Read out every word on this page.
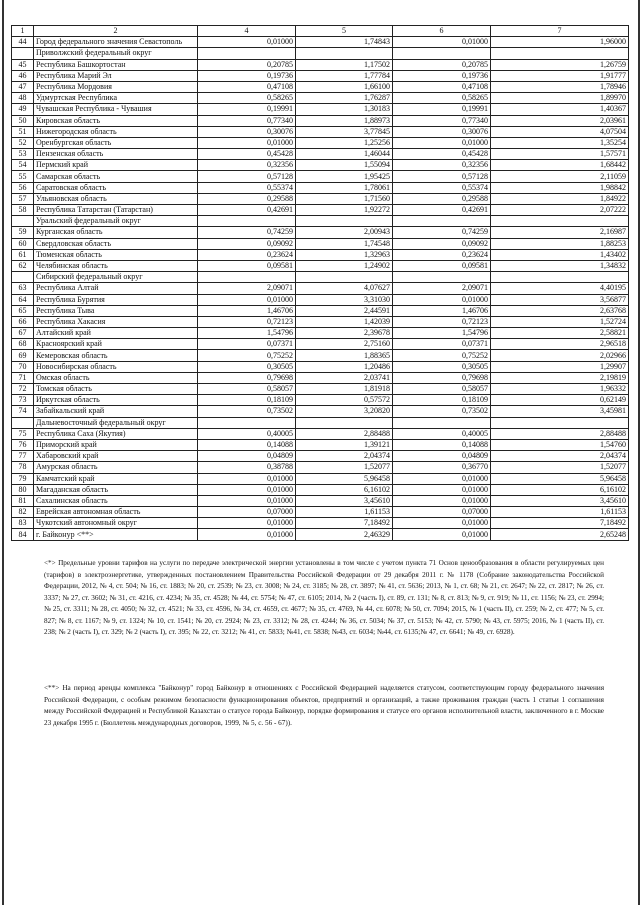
1	2	4	5	6	7
44	Город федерального значения Севастополь	0,01000	1,74843	0,01000	1,96000
	Приволжский федеральный округ				
45	Республика Башкортостан	0,20785	1,17502	0,20785	1,26759
46	Республика Марий Эл	0,19736	1,77784	0,19736	1,91777
47	Республика Мордовия	0,47108	1,66100	0,47108	1,78946
48	Удмуртская Республика	0,58265	1,76287	0,58265	1,89970
49	Чувашская Республика - Чувашия	0,19991	1,30183	0,19991	1,40367
50	Кировская область	0,77340	1,88973	0,77340	2,03961
51	Нижегородская область	0,30076	3,77845	0,30076	4,07504
52	Оренбургская область	0,01000	1,25256	0,01000	1,35254
53	Пензенская область	0,45428	1,46044	0,45428	1,57571
54	Пермский край	0,32356	1,55094	0,32356	1,68442
55	Самарская область	0,57128	1,95425	0,57128	2,11059
56	Саратовская область	0,55374	1,78061	0,55374	1,98842
57	Ульяновская область	0,29588	1,71560	0,29588	1,84922
58	Республика Татарстан (Татарстан)	0,42691	1,92272	0,42691	2,07222
	Уральский федеральный округ				
59	Курганская область	0,74259	2,00943	0,74259	2,16987
60	Свердловская область	0,09092	1,74548	0,09092	1,88253
61	Тюменская область	0,23624	1,32963	0,23624	1,43402
62	Челябинская область	0,09581	1,24902	0,09581	1,34832
	Сибирский федеральный округ				
63	Республика Алтай	2,09071	4,07627	2,09071	4,40195
64	Республика Бурятия	0,01000	3,31030	0,01000	3,56877
65	Республика Тыва	1,46706	2,44591	1,46706	2,63768
66	Республика Хакасия	0,72123	1,42039	0,72123	1,52724
67	Алтайский край	1,54796	2,39678	1,54796	2,58821
68	Красноярский край	0,07371	2,75160	0,07371	2,96518
69	Кемеровская область	0,75252	1,88365	0,75252	2,02966
70	Новосибирская область	0,30505	1,20486	0,30505	1,29907
71	Омская область	0,79698	2,03741	0,79698	2,19819
72	Томская область	0,58057	1,81918	0,58057	1,96332
73	Иркутская область	0,18109	0,57572	0,18109	0,62149
74	Забайкальский край	0,73502	3,20820	0,73502	3,45981
	Дальневосточный федеральный округ				
75	Республика Саха (Якутия)	0,40005	2,88488	0,40005	2,88488
76	Приморский край	0,14088	1,39121	0,14088	1,54760
77	Хабаровский край	0,04809	2,04374	0,04809	2,04374
78	Амурская область	0,38788	1,52077	0,36770	1,52077
79	Камчатский край	0,01000	5,96458	0,01000	5,96458
80	Магаданская область	0,01000	6,16102	0,01000	6,16102
81	Сахалинская область	0,01000	3,45610	0,01000	3,45610
82	Еврейская автономная область	0,07000	1,61153	0,07000	1,61153
83	Чукотский автономный округ	0,01000	7,18492	0,01000	7,18492
84	г. Байконур <**>	0,01000	2,46329	0,01000	2,65248
<*> Предельные уровни тарифов на услуги по передаче электрической энергии установлены в том числе с учетом пункта 71 Основ ценообразования в области регулируемых цен (тарифов) в электроэнергетике, утвержденных постановлением Правительства Российской Федерации от 29 декабря 2011 г. № 1178 (Собрание законодательства Российской Федерации, 2012, № 4, ст. 504; № 16, ст. 1883; № 20, ст. 2539; № 23, ст. 3008; № 24, ст. 3185; № 28, ст. 3897; № 41, ст. 5636; 2013, № 1, ст. 68; № 21, ст. 2647; № 22, ст. 2817; № 26, ст. 3337; № 27, ст. 3602; № 31, ст. 4216, ст. 4234; № 35, ст. 4528; № 44, ст. 5754; № 47, ст. 6105; 2014, № 2 (часть I), ст. 89, ст. 131; № 8, ст. 813; № 9, ст. 919; № 11, ст. 1156; № 23, ст. 2994; № 25, ст. 3311; № 28, ст. 4050; № 32, ст. 4521; № 33, ст. 4596, № 34, ст. 4659, ст. 4677; № 35, ст. 4769, № 44, ст. 6078; № 50, ст. 7094; 2015, № 1 (часть II), ст. 259; № 2, ст. 477; № 5, ст. 827; № 8, ст. 1167; № 9, ст. 1324; № 10, ст. 1541; № 20, ст. 2924; № 23, ст. 3312; № 28, ст. 4244; № 36, ст. 5034; № 37, ст. 5153; № 42, ст. 5790; № 43, ст. 5975; 2016, № 1 (часть II), ст. 238; № 2 (часть I), ст. 329; № 2 (часть I), ст. 395; № 22, ст. 3212; № 41, ст. 5833; №41, ст. 5838; №43, ст. 6034; №44, ст. 6135;№ 47, ст. 6641; № 49, ст. 6928).
<**> На период аренды комплекса "Байконур" город Байконур в отношениях с Российской Федерацией наделяется статусом, соответствующим городу федерального значения Российской Федерации, с особым режимом безопасности функционирования объектов, предприятий и организаций, а также проживания граждан (часть 1 статьи 1 соглашения между Российской Федерацией и Республикой Казахстан о статусе города Байконур, порядке формирования и статусе его органов исполнительной власти, заключенного в г. Москве 23 декабря 1995 г. (Бюллетень международных договоров, 1999, № 5, с. 56 - 67)).
